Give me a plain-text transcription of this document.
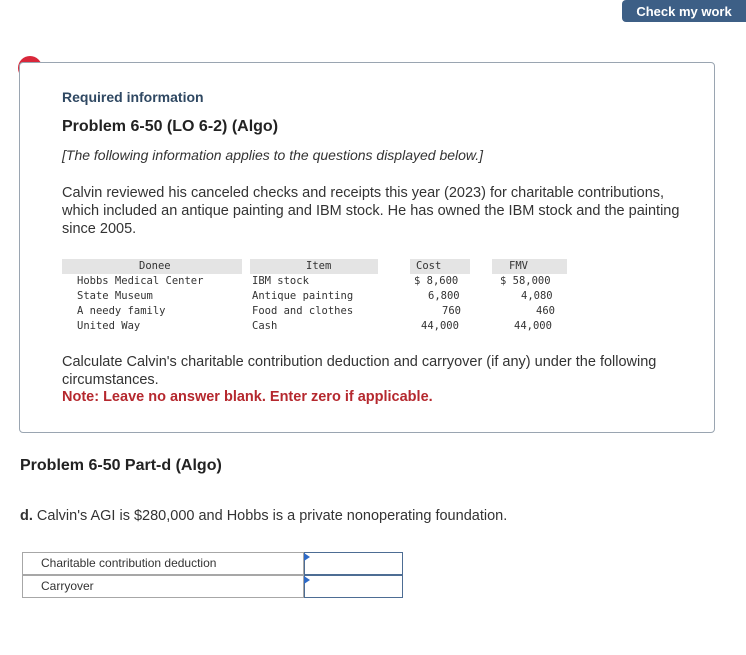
Check my work
Required information
Problem 6-50 (LO 6-2) (Algo)
[The following information applies to the questions displayed below.]
Calvin reviewed his canceled checks and receipts this year (2023) for charitable contributions, which included an antique painting and IBM stock. He has owned the IBM stock and the painting since 2005.
Donee	Item	Cost	FMV
Hobbs Medical Center	IBM stock	$ 8,600	$ 58,000
State Museum	Antique painting	6,800	4,080
A needy family	Food and clothes	760	460
United Way	Cash	44,000	44,000
Calculate Calvin's charitable contribution deduction and carryover (if any) under the following circumstances.
Note: Leave no answer blank. Enter zero if applicable.
Problem 6-50 Part-d (Algo)
d. Calvin's AGI is $280,000 and Hobbs is a private nonoperating foundation.
Charitable contribution deduction
Carryover
